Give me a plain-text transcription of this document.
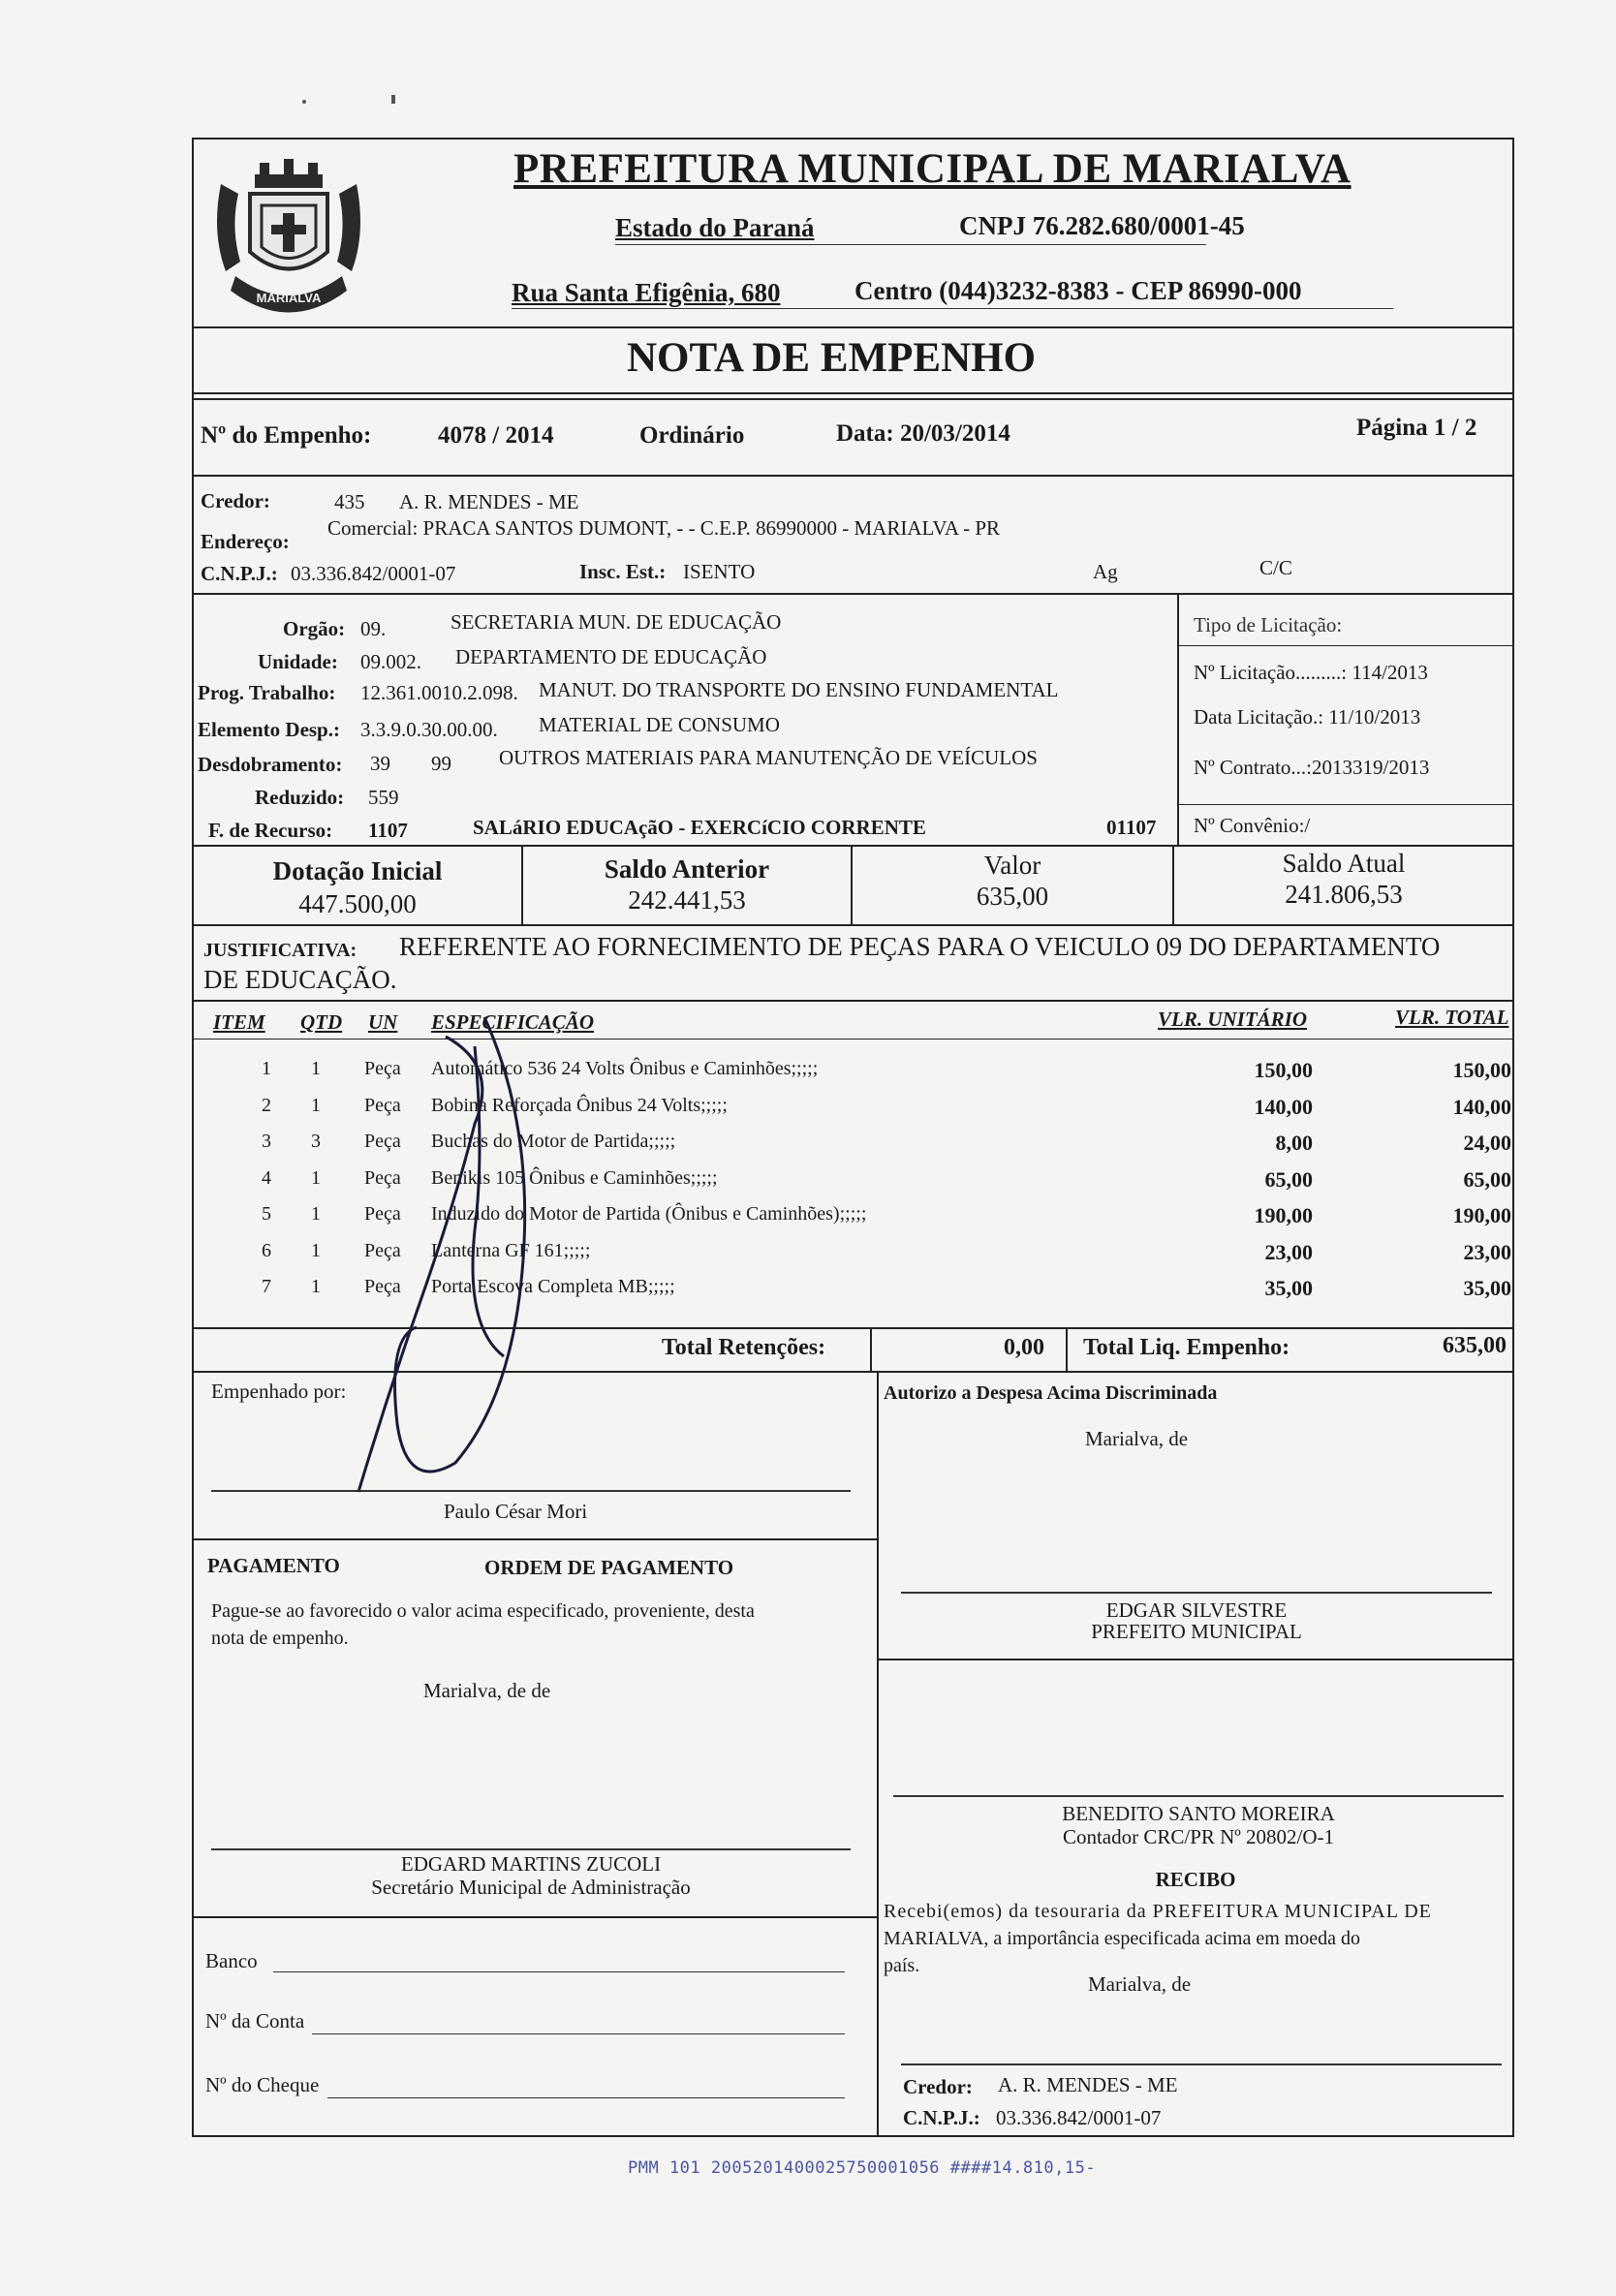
MARIALVA
PREFEITURA MUNICIPAL DE MARIALVA
Estado do Paraná	CNPJ 76.282.680/0001-45
Rua Santa Efigênia, 680	Centro (044)3232-8383 - CEP 86990-000
NOTA DE EMPENHO
Nº do Empenho:	4078 / 2014	Ordinário	Data: 20/03/2014	Página 1 / 2
Credor:	435 A. R. MENDES - ME
Endereço:
Comercial: PRACA SANTOS DUMONT, - - C.E.P. 86990000 - MARIALVA - PR
C.N.P.J.: 03.336.842/0001-07	Insc. Est.: ISENTO	Ag	C/C
Orgão: 09.	SECRETARIA MUN. DE EDUCAÇÃO
Unidade: 09.002. DEPARTAMENTO DE EDUCAÇÃO
Prog. Trabalho: 12.361.0010.2.098. MANUT. DO TRANSPORTE DO ENSINO FUNDAMENTAL
Elemento Desp.: 3.3.9.0.30.00.00. MATERIAL DE CONSUMO
Desdobramento: 39 99 OUTROS MATERIAIS PARA MANUTENÇÃO DE VEÍCULOS
Reduzido: 559
F. de Recurso: 1107	SALáRIO EDUCAçãO - EXERCíCIO CORRENTE	01107
Tipo de Licitação:
Nº Licitação.........: 114/2013
Data Licitação.: 11/10/2013
Nº Contrato...:2013319/2013
Nº Convênio:/
Dotação Inicial
447.500,00
Saldo Anterior
242.441,53
Valor
635,00
Saldo Atual
241.806,53
JUSTIFICATIVA: REFERENTE AO FORNECIMENTO DE PEÇAS PARA O VEICULO 09 DO DEPARTAMENTO
DE EDUCAÇÃO.
ITEM QTD UN ESPECIFICAÇÃO	VLR. UNITÁRIO	VLR. TOTAL
1 1 Peça	Automático 536 24 Volts Ônibus e Caminhões;;;;;	150,00	150,00
2 1 Peça	Bobina Reforçada Ônibus 24 Volts;;;;;	140,00	140,00
3 3 Peça	Buchas do Motor de Partida;;;;;	8,00	24,00
4 1 Peça	Benikis 105 Ônibus e Caminhões;;;;;	65,00	65,00
5 1 Peça	Induzido do Motor de Partida (Ônibus e Caminhões);;;;;	190,00	190,00
6 1 Peça	Lanterna GF 161;;;;;	23,00	23,00
7 1 Peça	Porta Escova Completa MB;;;;;	35,00	35,00
Total Retenções:	0,00 Total Liq. Empenho:	635,00
Empenhado por:
Paulo César Mori
Autorizo a Despesa Acima Discriminada
Marialva, de
PAGAMENTO	ORDEM DE PAGAMENTO
Pague-se ao favorecido o valor acima especificado, proveniente, desta
nota de empenho.
Marialva, de de
EDGAR SILVESTRE
PREFEITO MUNICIPAL
BENEDITO SANTO MOREIRA
Contador CRC/PR Nº 20802/O-1
EDGARD MARTINS ZUCOLI
Secretário Municipal de Administração	RECIBO
Recebi(emos) da tesouraria da PREFEITURA MUNICIPAL DE
MARIALVA, a importância especificada acima em moeda do
país.
Marialva, de
Banco
Nº da Conta
Nº do Cheque	Credor: A. R. MENDES - ME
C.N.P.J.: 03.336.842/0001-07
PMM 101 2005201400025750001056 ####14.810,15-
